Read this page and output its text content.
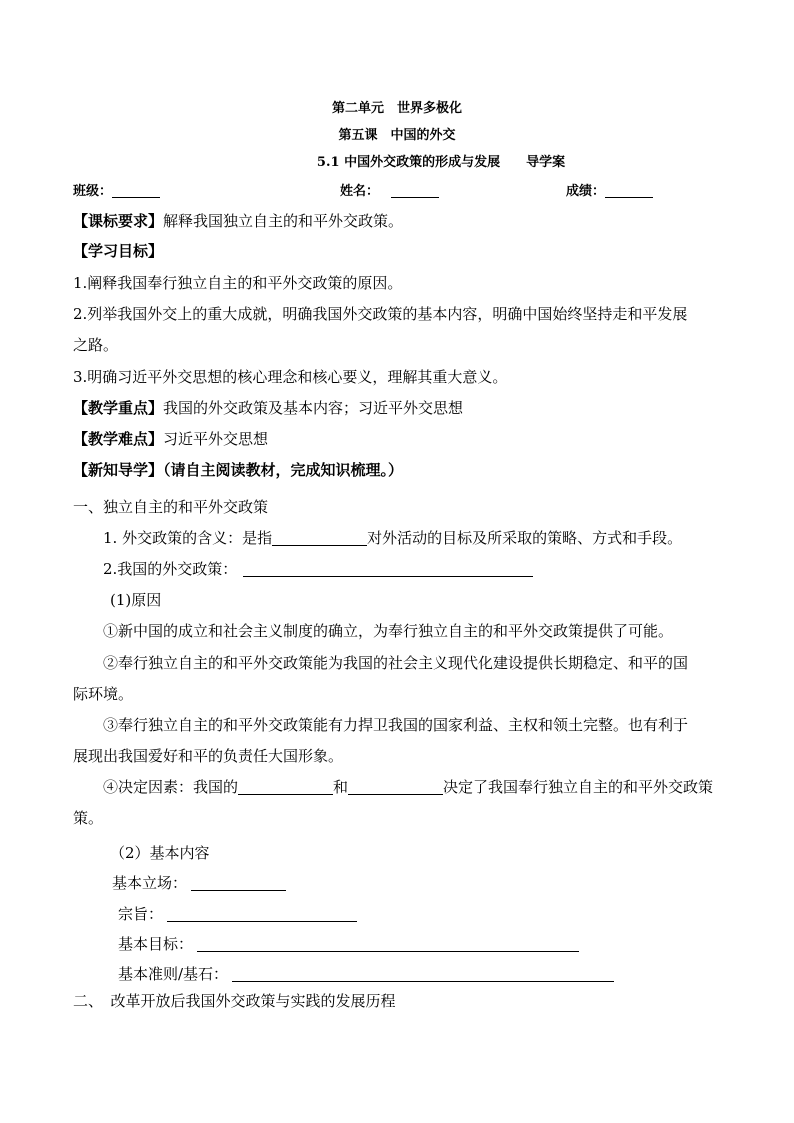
第二单元　世界多极化
第五课　中国的外交
5.1 中国外交政策的形成与发展　　导学案
班级：	姓名：	成绩：
【课标要求】解释我国独立自主的和平外交政策。
【学习目标】
1.阐释我国奉行独立自主的和平外交政策的原因。
2.列举我国外交上的重大成就，明确我国外交政策的基本内容，明确中国始终坚持走和平发展
之路。
3.明确习近平外交思想的核心理念和核心要义，理解其重大意义。
【教学重点】我国的外交政策及基本内容；习近平外交思想
【教学难点】习近平外交思想
【新知导学】（请自主阅读教材，完成知识梳理。）
一、独立自主的和平外交政策
1. 外交政策的含义：是指	对外活动的目标及所采取的策略、方式和手段。
2.我国的外交政策：
(1)原因
①新中国的成立和社会主义制度的确立，为奉行独立自主的和平外交政策提供了可能。
②奉行独立自主的和平外交政策能为我国的社会主义现代化建设提供长期稳定、和平的国
际环境。
③奉行独立自主的和平外交政策能有力捍卫我国的国家利益、主权和领土完整。也有利于
展现出我国爱好和平的负责任大国形象。
④决定因素：我国的	和	决定了我国奉行独立自主的和平外交政策
策。
（2）基本内容
基本立场：
宗旨：
基本目标：
基本准则/基石：
二、　改革开放后我国外交政策与实践的发展历程
